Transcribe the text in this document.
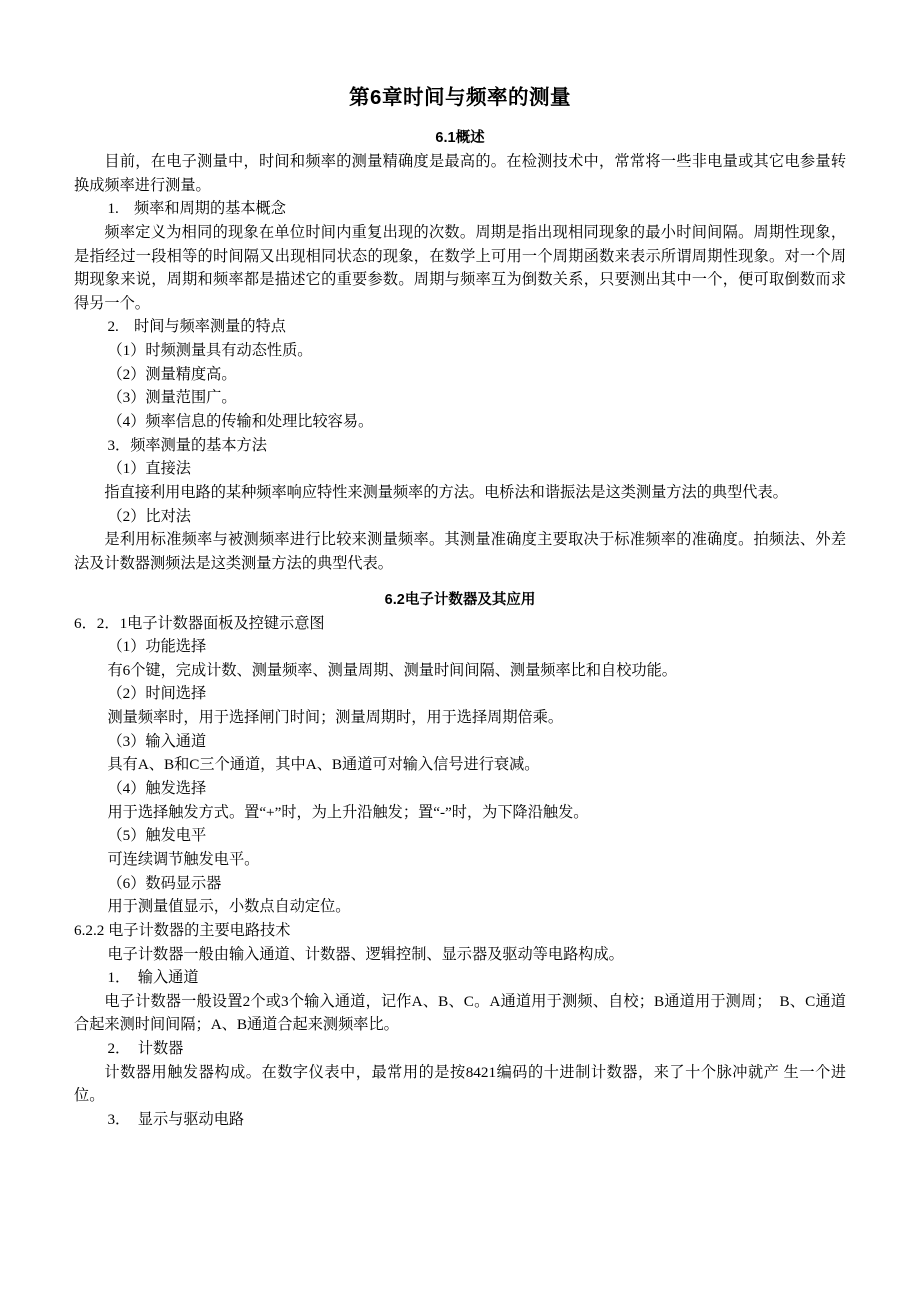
第6章时间与频率的测量
6.1概述

目前，在电子测量中，时间和频率的测量精确度是最高的。在检测技术中，常常将一些非电量或其它电参量转换成频率进行测量。

1.　频率和周期的基本概念

频率定义为相同的现象在单位时间内重复出现的次数。周期是指出现相同现象的最小时间间隔。周期性现象，是指经过一段相等的时间隔又出现相同状态的现象，在数学上可用一个周期函数来表示所谓周期性现象。对一个周期现象来说，周期和频率都是描述它的重要参数。周期与频率互为倒数关系，只要测出其中一个，便可取倒数而求得另一个。

2.　时间与频率测量的特点

（1）时频测量具有动态性质。

（2）测量精度高。

（3）测量范围广。

（4）频率信息的传输和处理比较容易。

3．频率测量的基本方法

（1）直接法

指直接利用电路的某种频率响应特性来测量频率的方法。电桥法和谐振法是这类测量方法的典型代表。

（2）比对法

是利用标准频率与被测频率进行比较来测量频率。其测量准确度主要取决于标准频率的准确度。拍频法、外差法及计数器测频法是这类测量方法的典型代表。

6.2电子计数器及其应用

6．2．1电子计数器面板及控键示意图

（1）功能选择

有6个键，完成计数、测量频率、测量周期、测量时间间隔、测量频率比和自校功能。

（2）时间选择

测量频率时，用于选择闸门时间；测量周期时，用于选择周期倍乘。

（3）输入通道

具有A、B和C三个通道，其中A、B通道可对输入信号进行衰减。

（4）触发选择

用于选择触发方式。置“+”时，为上升沿触发；置“-”时，为下降沿触发。

（5）触发电平

可连续调节触发电平。

（6）数码显示器

用于测量值显示，小数点自动定位。

6.2.2 电子计数器的主要电路技术

电子计数器一般由输入通道、计数器、逻辑控制、显示器及驱动等电路构成。

1．　输入通道

电子计数器一般设置2个或3个输入通道，记作A、B、C。A通道用于测频、自校；B通道用于测周；　B、C通道合起来测时间间隔；A、B通道合起来测频率比。

2．　计数器

计数器用触发器构成。在数字仪表中，最常用的是按8421编码的十进制计数器，来了十个脉冲就产 生一个进位。

3．　显示与驱动电路
